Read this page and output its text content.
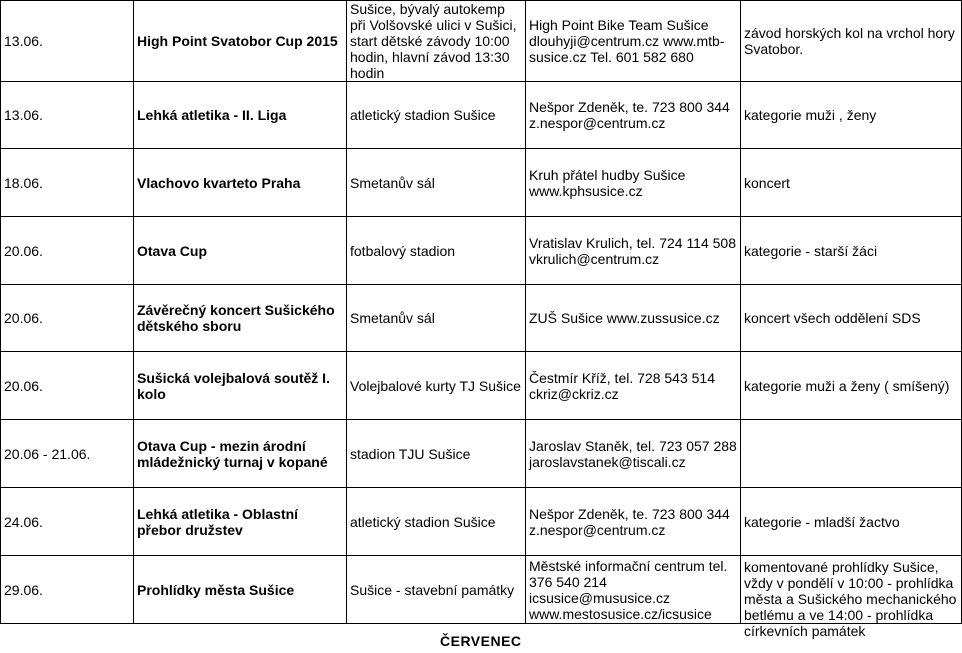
13.06.	High Point Svatobor Cup 2015	Sušice, bývalý autokemp při Volšovské ulici v Sušici, start dětské závody 10:00 hodin, hlavní závod 13:30 hodin	High Point Bike Team Sušice dlouhyji@centrum.cz www.mtb-susice.cz Tel. 601 582 680	závod horských kol na vrchol hory Svatobor.
13.06.	Lehká atletika - II. Liga	atletický stadion Sušice	Nešpor Zdeněk, te. 723 800 344 z.nespor@centrum.cz	kategorie muži , ženy
18.06.	Vlachovo kvarteto Praha	Smetanův sál	Kruh přátel hudby Sušice www.kphsusice.cz	koncert
20.06.	Otava Cup	fotbalový stadion	Vratislav Krulich, tel. 724 114 508 vkrulich@centrum.cz	kategorie - starší žáci
20.06.	Závěrečný koncert Sušického dětského sboru	Smetanův sál	ZUŠ Sušice www.zussusice.cz	koncert všech oddělení SDS
20.06.	Sušická volejbalová soutěž I. kolo	Volejbalové kurty TJ Sušice	Čestmír Kříž, tel. 728 543 514 ckriz@ckriz.cz	kategorie muži a ženy ( smíšený)
20.06 - 21.06.	Otava Cup - mezin árodní mládežnický turnaj v kopané	stadion TJU Sušice	Jaroslav Staněk, tel. 723 057 288 jaroslavstanek@tiscali.cz	
24.06.	Lehká atletika - Oblastní přebor družstev	atletický stadion Sušice	Nešpor Zdeněk, te. 723 800 344 z.nespor@centrum.cz	kategorie - mladší žactvo
29.06.	Prohlídky města Sušice	Sušice - stavební památky	Městské informační centrum tel. 376 540 214 icsusice@mususice.cz www.mestosusice.cz/icsusice	komentované prohlídky Sušice, vždy v pondělí v 10:00 - prohlídka města a Sušického mechanického betlému a ve 14:00 - prohlídka církevních památek
ČERVENEC
